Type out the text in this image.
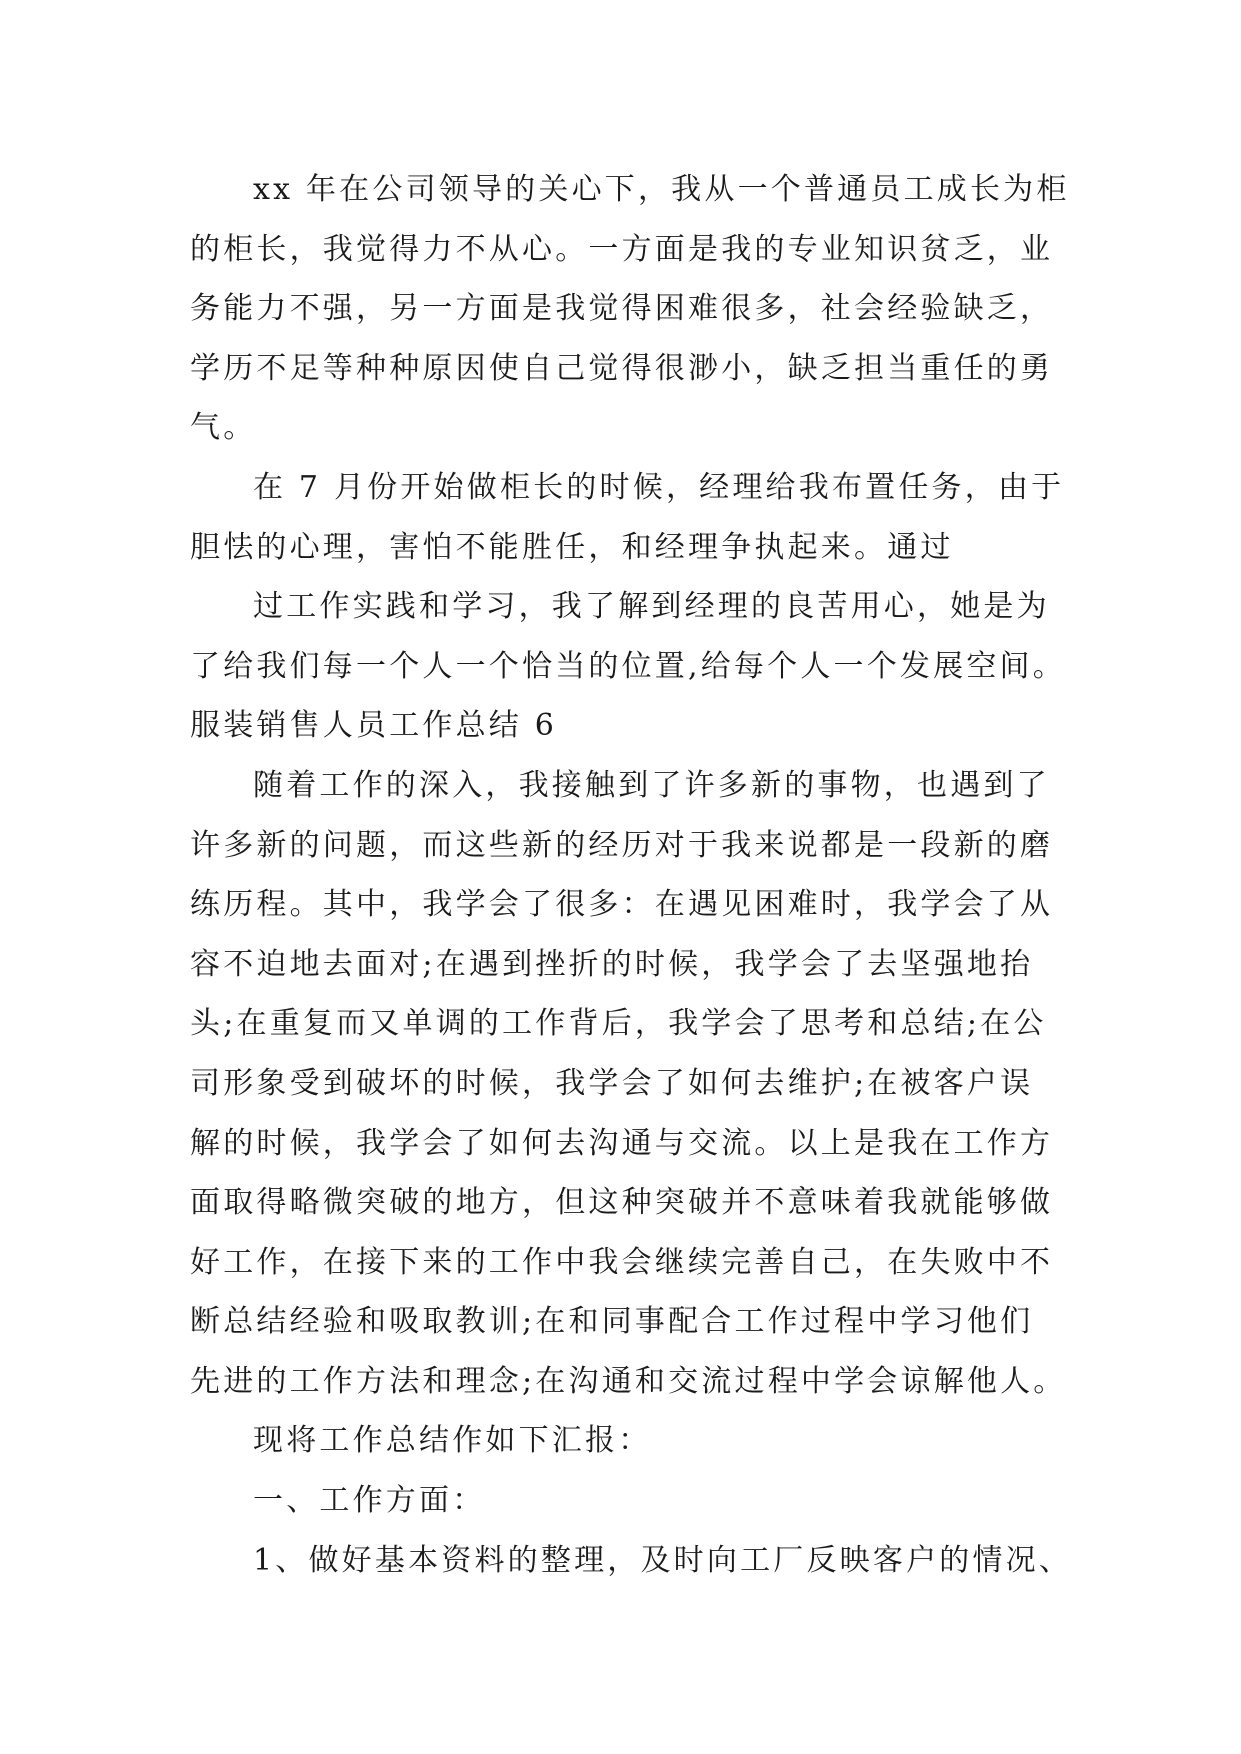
xx 年在公司领导的关心下，我从一个普通员工成长为柜
的柜长，我觉得力不从心。一方面是我的专业知识贫乏，业
务能力不强，另一方面是我觉得困难很多，社会经验缺乏，
学历不足等种种原因使自己觉得很渺小，缺乏担当重任的勇
气。
在 7 月份开始做柜长的时候，经理给我布置任务，由于
胆怯的心理，害怕不能胜任，和经理争执起来。通过
过工作实践和学习，我了解到经理的良苦用心，她是为
了给我们每一个人一个恰当的位置,给每个人一个发展空间。
服装销售人员工作总结 6
随着工作的深入，我接触到了许多新的事物，也遇到了
许多新的问题，而这些新的经历对于我来说都是一段新的磨
练历程。其中，我学会了很多：在遇见困难时，我学会了从
容不迫地去面对;在遇到挫折的时候，我学会了去坚强地抬
头;在重复而又单调的工作背后，我学会了思考和总结;在公
司形象受到破坏的时候，我学会了如何去维护;在被客户误
解的时候，我学会了如何去沟通与交流。以上是我在工作方
面取得略微突破的地方，但这种突破并不意味着我就能够做
好工作，在接下来的工作中我会继续完善自己，在失败中不
断总结经验和吸取教训;在和同事配合工作过程中学习他们
先进的工作方法和理念;在沟通和交流过程中学会谅解他人。
现将工作总结作如下汇报：
一、工作方面：
1、做好基本资料的整理，及时向工厂反映客户的情况、
